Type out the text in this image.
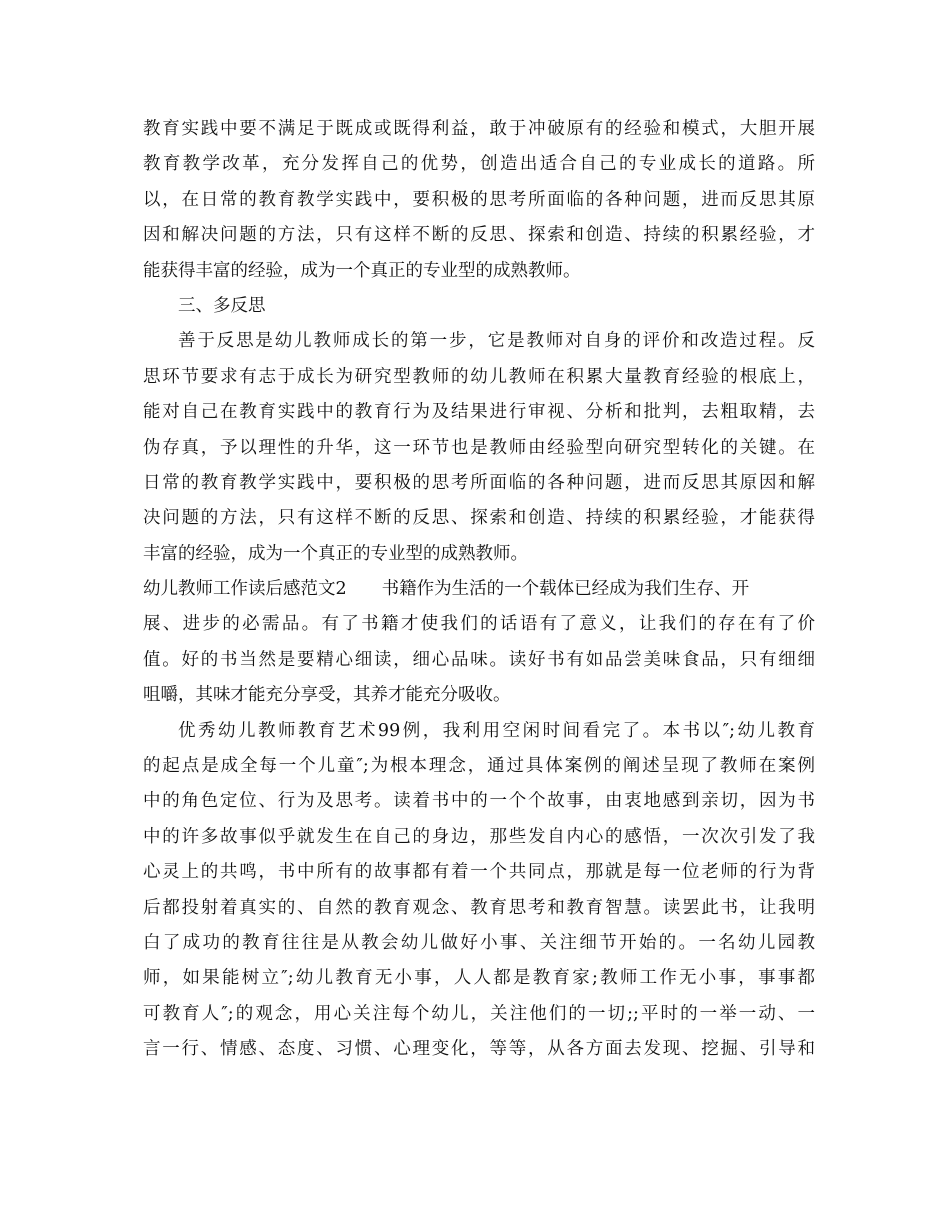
教育实践中要不满足于既成或既得利益，敢于冲破原有的经验和模式，大胆开展
教育教学改革，充分发挥自己的优势，创造出适合自己的专业成长的道路。所
以，在日常的教育教学实践中，要积极的思考所面临的各种问题，进而反思其原
因和解决问题的方法，只有这样不断的反思、探索和创造、持续的积累经验，才
能获得丰富的经验，成为一个真正的专业型的成熟教师。
三、多反思
善于反思是幼儿教师成长的第一步，它是教师对自身的评价和改造过程。反
思环节要求有志于成长为研究型教师的幼儿教师在积累大量教育经验的根底上，
能对自己在教育实践中的教育行为及结果进行审视、分析和批判，去粗取精，去
伪存真，予以理性的升华，这一环节也是教师由经验型向研究型转化的关键。在
日常的教育教学实践中，要积极的思考所面临的各种问题，进而反思其原因和解
决问题的方法，只有这样不断的反思、探索和创造、持续的积累经验，才能获得
丰富的经验，成为一个真正的专业型的成熟教师。
幼儿教师工作读后感范文2 书籍作为生活的一个载体已经成为我们生存、开
展、进步的必需品。有了书籍才使我们的话语有了意义，让我们的存在有了价
值。好的书当然是要精心细读，细心品味。读好书有如品尝美味食品，只有细细
咀嚼，其味才能充分享受，其养才能充分吸收。
优秀幼儿教师教育艺术99例，我利用空闲时间看完了。本书以″;幼儿教育
的起点是成全每一个儿童″;为根本理念，通过具体案例的阐述呈现了教师在案例
中的角色定位、行为及思考。读着书中的一个个故事，由衷地感到亲切，因为书
中的许多故事似乎就发生在自己的身边，那些发自内心的感悟，一次次引发了我
心灵上的共鸣，书中所有的故事都有着一个共同点，那就是每一位老师的行为背
后都投射着真实的、自然的教育观念、教育思考和教育智慧。读罢此书，让我明
白了成功的教育往往是从教会幼儿做好小事、关注细节开始的。一名幼儿园教
师，如果能树立″;幼儿教育无小事，人人都是教育家;教师工作无小事，事事都
可教育人″;的观念，用心关注每个幼儿，关注他们的一切;;平时的一举一动、一
言一行、情感、态度、习惯、心理变化，等等，从各方面去发现、挖掘、引导和
